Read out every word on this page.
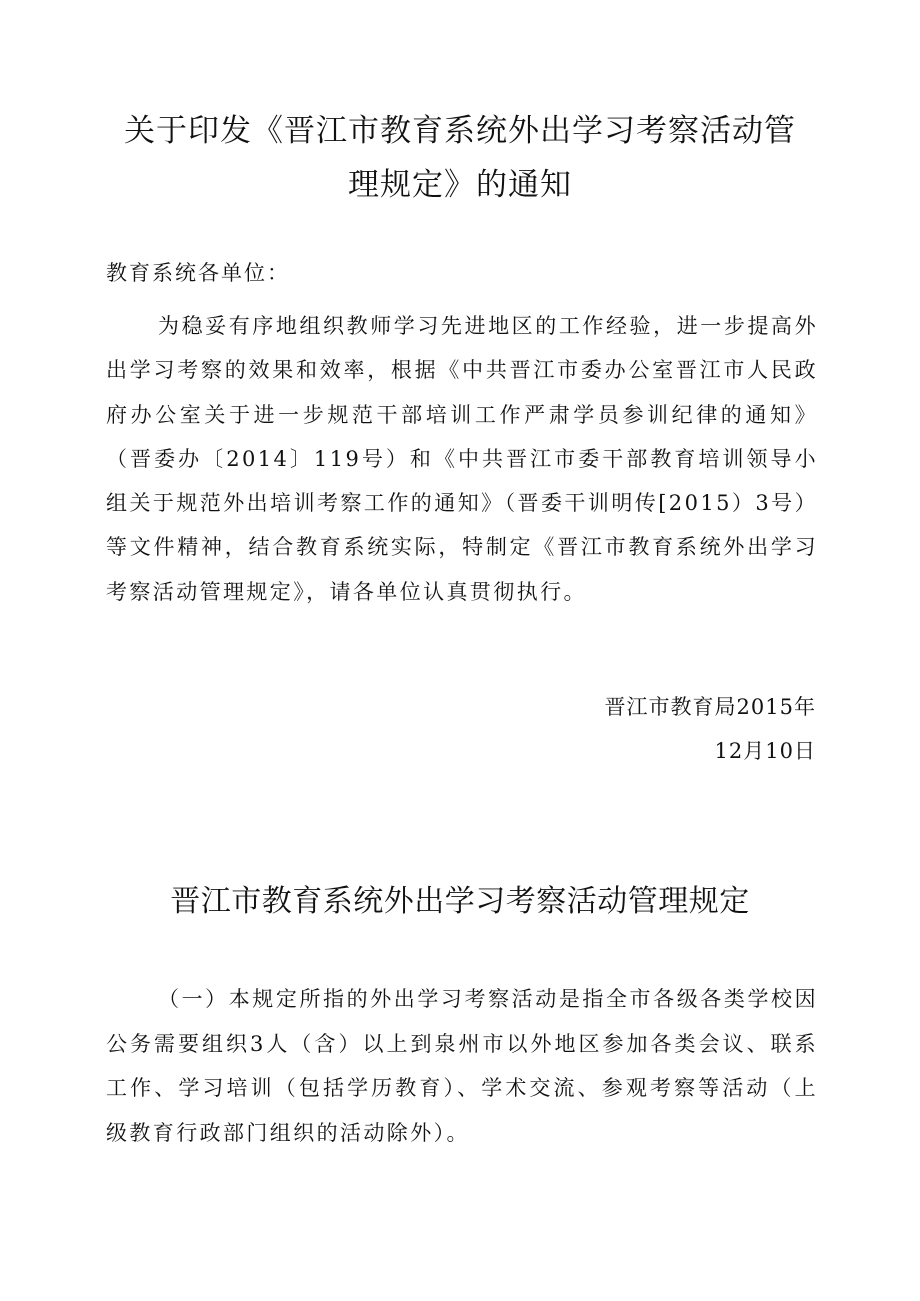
关于印发《晋江市教育系统外出学习考察活动管理规定》的通知

教育系统各单位：

为稳妥有序地组织教师学习先进地区的工作经验，进一步提高外出学习考察的效果和效率，根据《中共晋江市委办公室晋江市人民政府办公室关于进一步规范干部培训工作严肃学员参训纪律的通知》（晋委办〔2014〕119号）和《中共晋江市委干部教育培训领导小组关于规范外出培训考察工作的通知》（晋委干训明传[2015）3号）等文件精神，结合教育系统实际，特制定《晋江市教育系统外出学习考察活动管理规定》，请各单位认真贯彻执行。

晋江市教育局2015年
12月10日
晋江市教育系统外出学习考察活动管理规定

（一）本规定所指的外出学习考察活动是指全市各级各类学校因公务需要组织3人（含）以上到泉州市以外地区参加各类会议、联系工作、学习培训（包括学历教育）、学术交流、参观考察等活动（上级教育行政部门组织的活动除外）。
